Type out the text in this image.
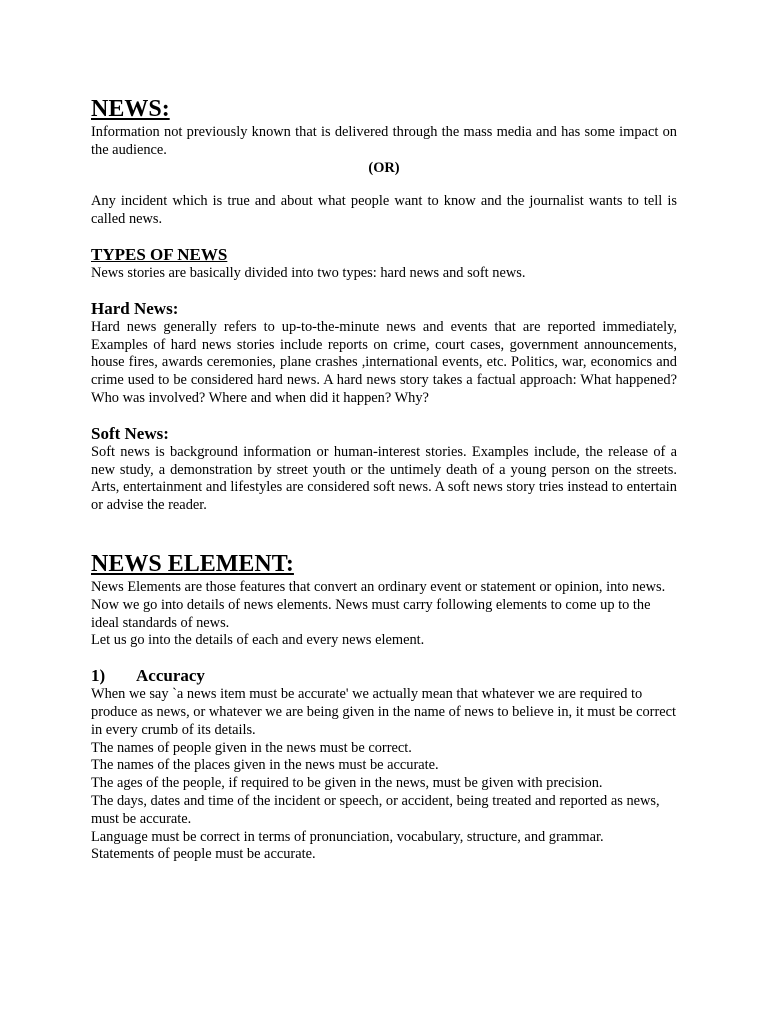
NEWS:

Information not previously known that is delivered through the mass media and has some impact on the audience.

(OR)

Any incident which is true and about what people want to know and the journalist wants to tell is called news.

TYPES OF NEWS

News stories are basically divided into two types: hard news and soft news.

Hard News:

Hard news generally refers to up-to-the-minute news and events that are reported immediately, Examples of hard news stories include reports on crime, court cases, government announcements, house fires, awards ceremonies, plane crashes ,international events, etc. Politics, war, economics and crime used to be considered hard news. A hard news story takes a factual approach: What happened? Who was involved? Where and when did it happen? Why?

Soft News:

Soft news is background information or human-interest stories. Examples include, the release of a new study, a demonstration by street youth or the untimely death of a young person on the streets. Arts, entertainment and lifestyles are considered soft news. A soft news story tries instead to entertain or advise the reader.

NEWS ELEMENT:

News Elements are those features that convert an ordinary event or statement or opinion, into news.

Now we go into details of news elements. News must carry following elements to come up to the ideal standards of news.

Let us go into the details of each and every news element.

1)	Accuracy

When we say `a news item must be accurate' we actually mean that whatever we are required to produce as news, or whatever we are being given in the name of news to believe in, it must be correct in every crumb of its details.

The names of people given in the news must be correct.

The names of the places given in the news must be accurate.

The ages of the people, if required to be given in the news, must be given with precision.

The days, dates and time of the incident or speech, or accident, being treated and reported as news, must be accurate.

Language must be correct in terms of pronunciation, vocabulary, structure, and grammar.

Statements of people must be accurate.
